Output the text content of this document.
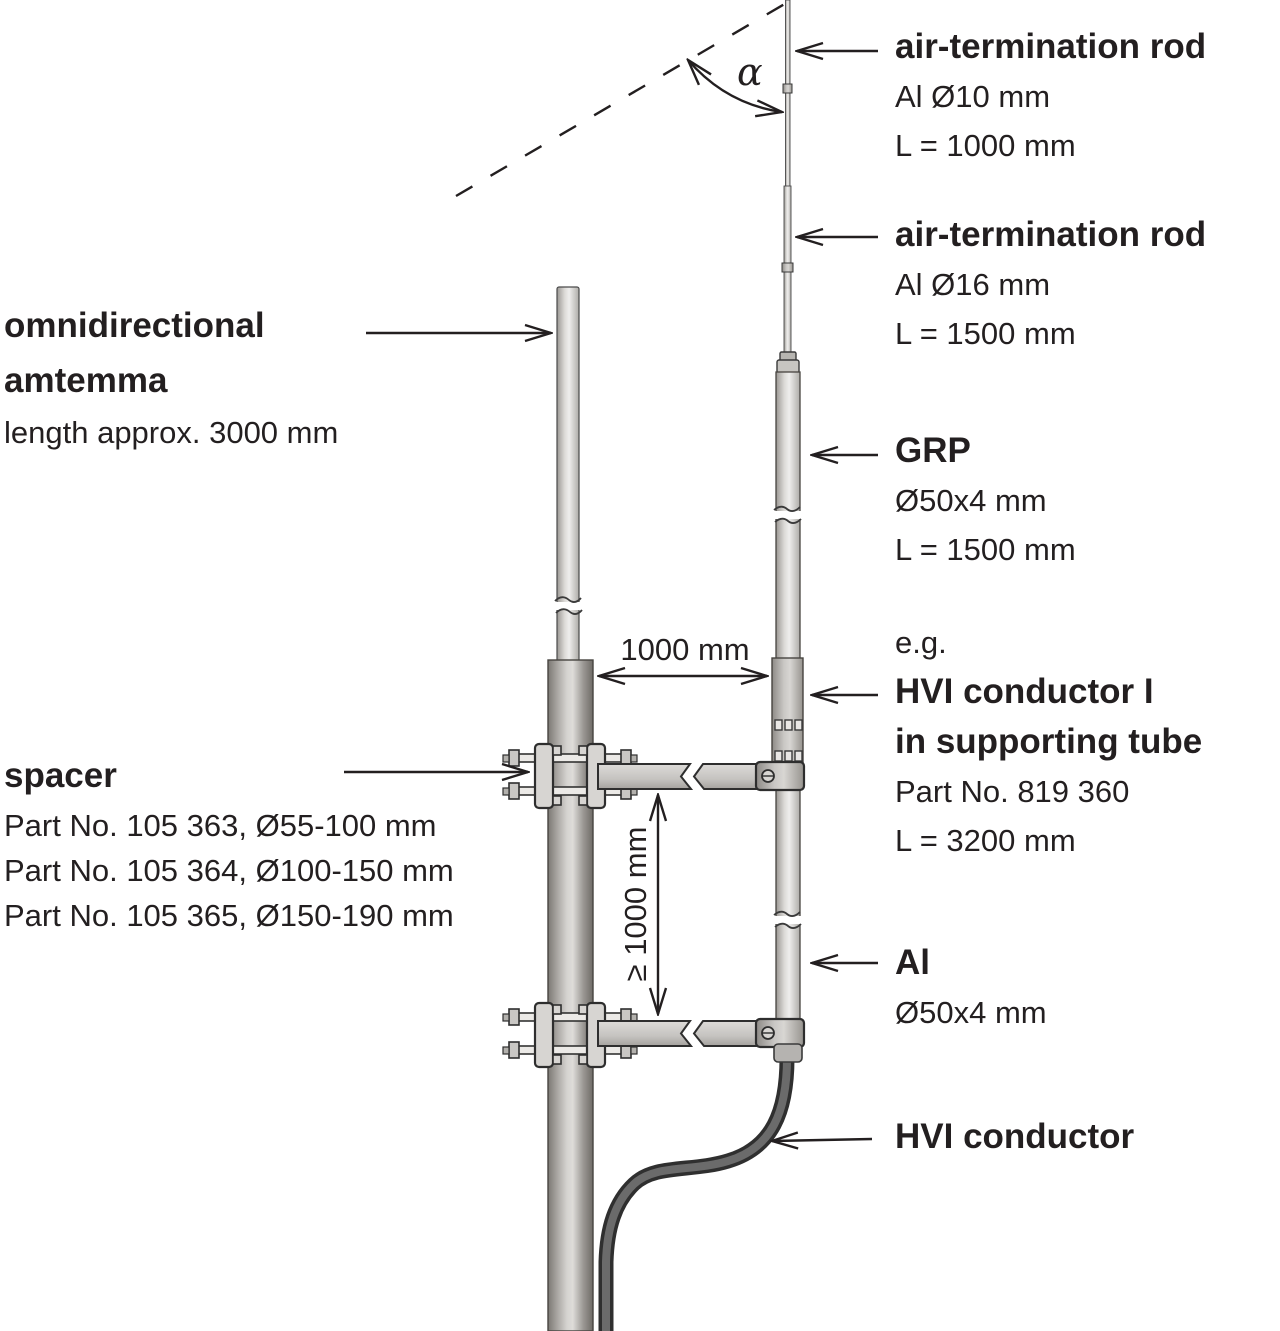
α
1000 mm
≥ 1000 mm
air-termination rod
Al Ø10 mm
L = 1000 mm
air-termination rod
Al Ø16 mm
L = 1500 mm
GRP
Ø50x4 mm
L = 1500 mm
e.g.
HVI conductor I
in supporting tube
Part No. 819 360
L = 3200 mm
Al
Ø50x4 mm
HVI conductor
omnidirectional
amtemma
length approx. 3000 mm
spacer
Part No. 105 363, Ø55-100 mm
Part No. 105 364, Ø100-150 mm
Part No. 105 365, Ø150-190 mm
